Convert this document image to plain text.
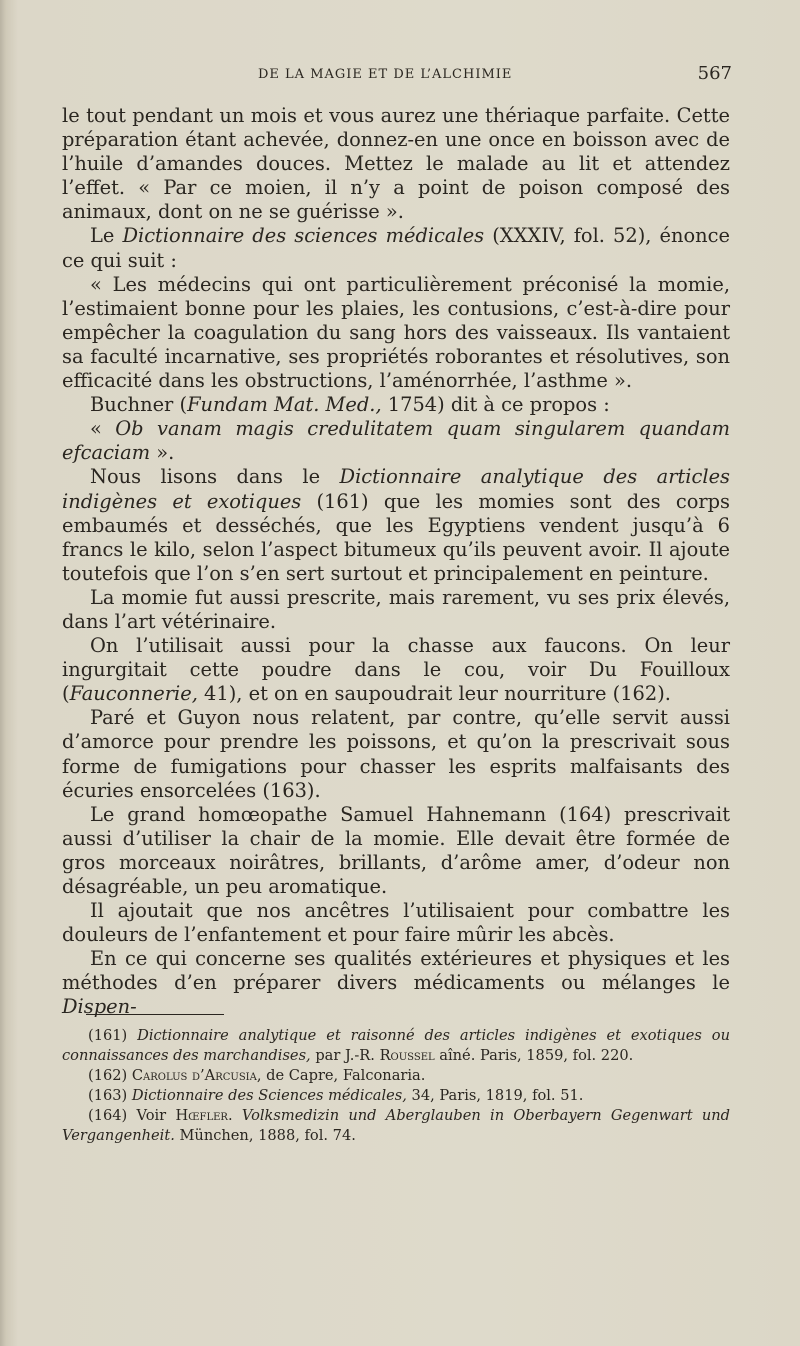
DE LA MAGIE ET DE L’ALCHIMIE	567

le tout pendant un mois et vous aurez une thériaque parfaite. Cette préparation étant achevée, donnez-en une once en boisson avec de l’huile d’amandes douces. Mettez le malade au lit et attendez l’effet. « Par ce moien, il n’y a point de poison composé des animaux, dont on ne se guérisse ».

Le Dictionnaire des sciences médicales (XXXIV, fol. 52), énonce ce qui suit :

« Les médecins qui ont particulièrement préconisé la momie, l’estimaient bonne pour les plaies, les contusions, c’est-à-dire pour empêcher la coagulation du sang hors des vaisseaux. Ils vantaient sa faculté incarnative, ses propriétés roborantes et résolutives, son efficacité dans les obstructions, l’aménorrhée, l’asthme ».

Buchner (Fundam Mat. Med., 1754) dit à ce propos :

« Ob vanam magis credulitatem quam singularem quandam efcaciam ».

Nous lisons dans le Dictionnaire analytique des articles indigènes et exotiques (161) que les momies sont des corps embaumés et desséchés, que les Egyptiens vendent jusqu’à 6 francs le kilo, selon l’aspect bitumeux qu’ils peuvent avoir. Il ajoute toutefois que l’on s’en sert surtout et principalement en peinture.

La momie fut aussi prescrite, mais rarement, vu ses prix élevés, dans l’art vétérinaire.

On l’utilisait aussi pour la chasse aux faucons. On leur ingurgitait cette poudre dans le cou, voir Du Fouilloux (Fauconnerie, 41), et on en saupoudrait leur nourriture (162).

Paré et Guyon nous relatent, par contre, qu’elle servit aussi d’amorce pour prendre les poissons, et qu’on la prescrivait sous forme de fumigations pour chasser les esprits malfaisants des écuries ensorcelées (163).

Le grand homœopathe Samuel Hahnemann (164) prescrivait aussi d’utiliser la chair de la momie. Elle devait être formée de gros morceaux noirâtres, brillants, d’arôme amer, d’odeur non désagréable, un peu aromatique.

Il ajoutait que nos ancêtres l’utilisaient pour combattre les douleurs de l’enfantement et pour faire mûrir les abcès.

En ce qui concerne ses qualités extérieures et physiques et les méthodes d’en préparer divers médicaments ou mélanges le Dispen-

(161) Dictionnaire analytique et raisonné des articles indigènes et exotiques ou connaissances des marchandises, par J.-R. Roussel aîné. Paris, 1859, fol. 220.

(162) Carolus d’Arcusia, de Capre, Falconaria.

(163) Dictionnaire des Sciences médicales, 34, Paris, 1819, fol. 51.

(164) Voir Hœfler. Volksmedizin und Aberglauben in Oberbayern Gegenwart und Vergangenheit. München, 1888, fol. 74.
